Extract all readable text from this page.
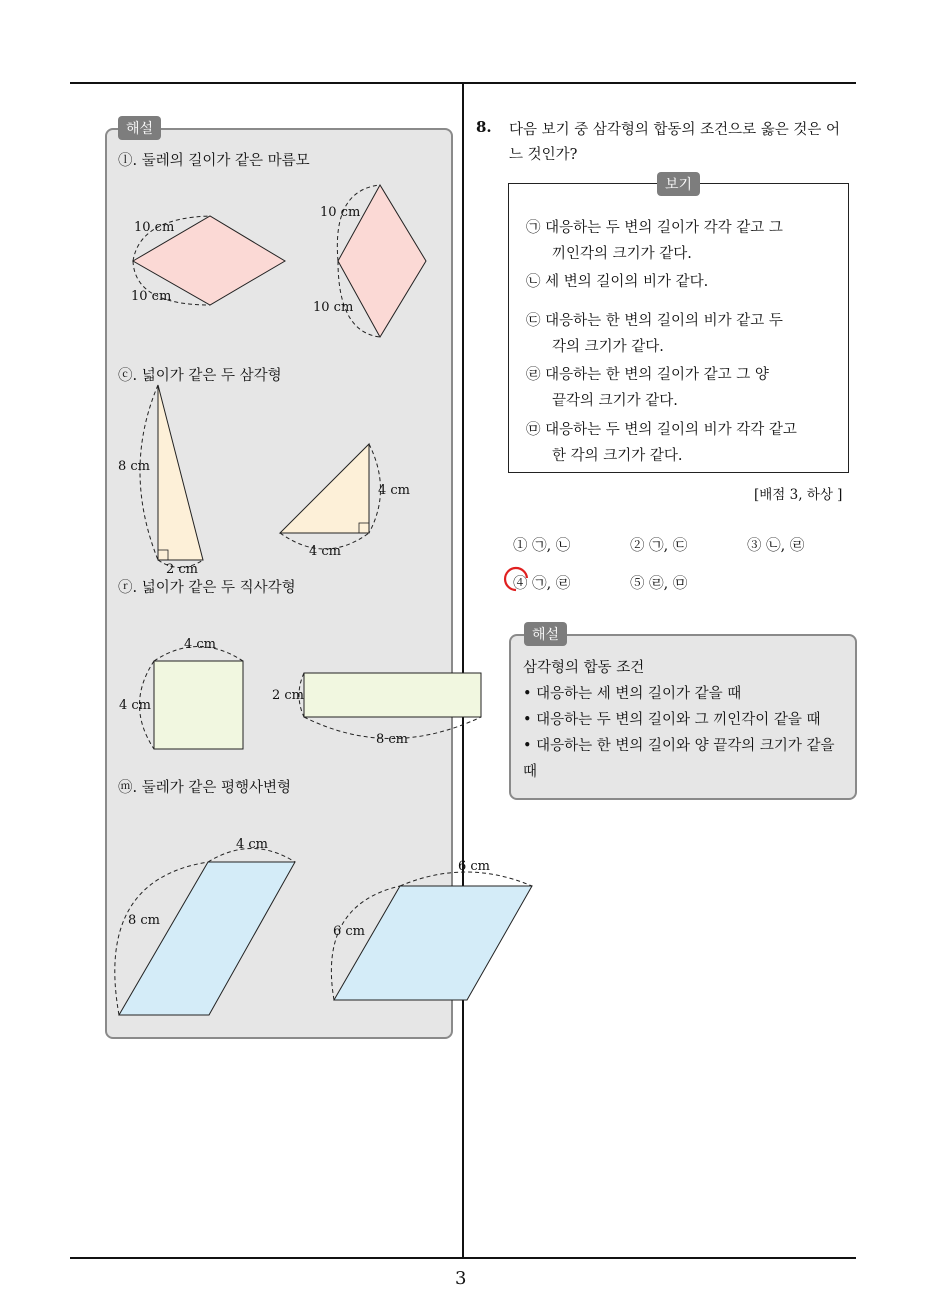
3
해설
ⓛ. 둘레의 길이가 같은 마름모
ⓒ. 넓이가 같은 두 삼각형
ⓡ. 넓이가 같은 두 직사각형
ⓜ. 둘레가 같은 평행사변형
10 cm
10 cm
10 cm
10 cm
8 cm
2 cm
4 cm
4 cm
4 cm
4 cm
2 cm
8 cm
4 cm
8 cm
6 cm
6 cm
8. 다음 보기 중 삼각형의 합동의 조건으로 옳은 것은 어
느 것인가?
보기
㉠ 대응하는 두 변의 길이가 각각 같고 그
끼인각의 크기가 같다.
㉡ 세 변의 길이의 비가 같다.
㉢ 대응하는 한 변의 길이의 비가 같고 두
각의 크기가 같다.
㉣ 대응하는 한 변의 길이가 같고 그 양
끝각의 크기가 같다.
㉤ 대응하는 두 변의 길이의 비가 각각 같고
한 각의 크기가 같다.
[배점 3, 하상 ]
① ㉠, ㉡	② ㉠, ㉢	③ ㉡, ㉣
④ ㉠, ㉣	⑤ ㉣, ㉤
해설
삼각형의 합동 조건
• 대응하는 세 변의 길이가 같을 때
• 대응하는 두 변의 길이와 그 끼인각이 같을 때
• 대응하는 한 변의 길이와 양 끝각의 크기가 같을
때
